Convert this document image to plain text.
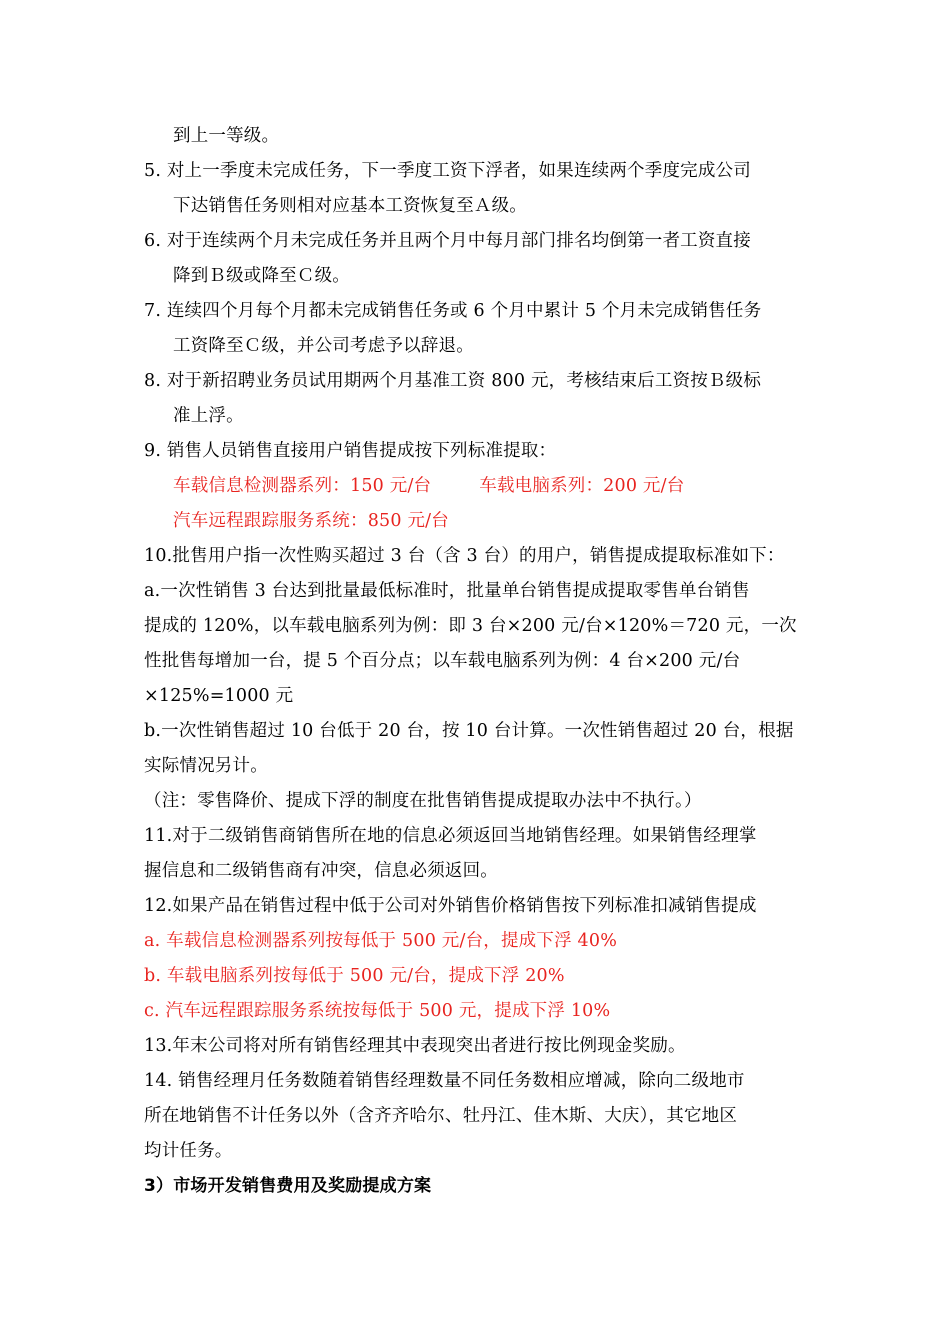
到上一等级。
5. 对上一季度未完成任务，下一季度工资下浮者，如果连续两个季度完成公司
下达销售任务则相对应基本工资恢复至Ａ级。
6. 对于连续两个月未完成任务并且两个月中每月部门排名均倒第一者工资直接
降到Ｂ级或降至Ｃ级。
7. 连续四个月每个月都未完成销售任务或 6 个月中累计 5 个月未完成销售任务
工资降至Ｃ级，并公司考虑予以辞退。
8. 对于新招聘业务员试用期两个月基准工资 800 元，考核结束后工资按Ｂ级标
准上浮。
9. 销售人员销售直接用户销售提成按下列标准提取：
车载信息检测器系列：150 元/台	车载电脑系列：200 元/台
汽车远程跟踪服务系统：850 元/台
10.批售用户指一次性购买超过 3 台（含 3 台）的用户，销售提成提取标准如下：
a.一次性销售 3 台达到批量最低标准时，批量单台销售提成提取零售单台销售
提成的 120%，以车载电脑系列为例：即 3 台×200 元/台×120%＝720 元，一次
性批售每增加一台，提 5 个百分点；以车载电脑系列为例：4 台×200 元/台
×125%=1000 元
b.一次性销售超过 10 台低于 20 台，按 10 台计算。一次性销售超过 20 台，根据
实际情况另计。
（注：零售降价、提成下浮的制度在批售销售提成提取办法中不执行。）
11.对于二级销售商销售所在地的信息必须返回当地销售经理。如果销售经理掌
握信息和二级销售商有冲突，信息必须返回。
12.如果产品在销售过程中低于公司对外销售价格销售按下列标准扣减销售提成
a. 车载信息检测器系列按每低于 500 元/台，提成下浮 40%
b. 车载电脑系列按每低于 500 元/台，提成下浮 20%
c. 汽车远程跟踪服务系统按每低于 500 元，提成下浮 10%
13.年末公司将对所有销售经理其中表现突出者进行按比例现金奖励。
14. 销售经理月任务数随着销售经理数量不同任务数相应增减，除向二级地市
所在地销售不计任务以外（含齐齐哈尔、牡丹江、佳木斯、大庆），其它地区
均计任务。
3）市场开发销售费用及奖励提成方案
